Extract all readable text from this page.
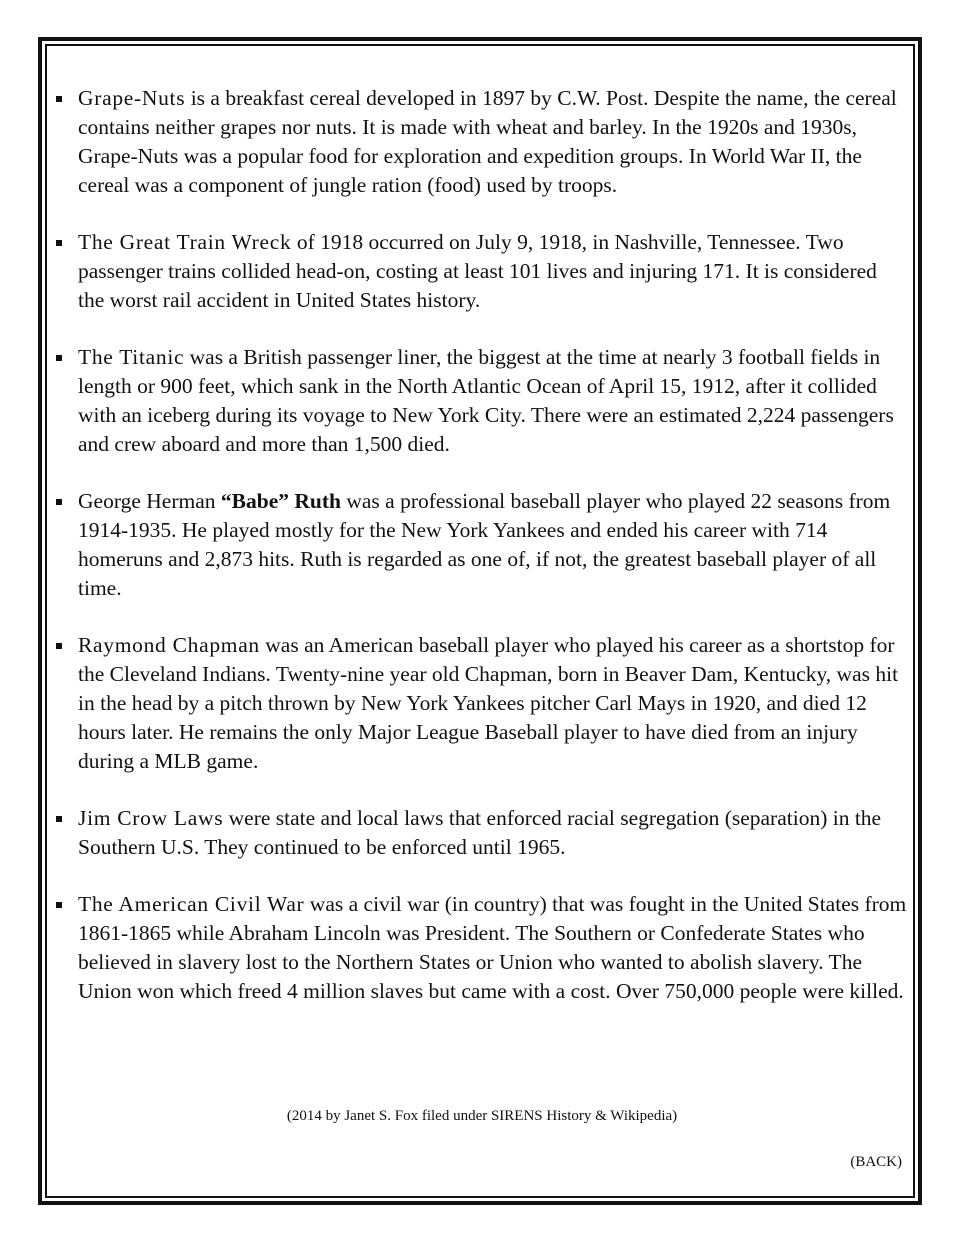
Grape-Nuts is a breakfast cereal developed in 1897 by C.W. Post. Despite the name, the cereal contains neither grapes nor nuts. It is made with wheat and barley. In the 1920s and 1930s, Grape-Nuts was a popular food for exploration and expedition groups. In World War II, the cereal was a component of jungle ration (food) used by troops.
The Great Train Wreck of 1918 occurred on July 9, 1918, in Nashville, Tennessee. Two passenger trains collided head-on, costing at least 101 lives and injuring 171. It is considered the worst rail accident in United States history.
The Titanic was a British passenger liner, the biggest at the time at nearly 3 football fields in length or 900 feet, which sank in the North Atlantic Ocean of April 15, 1912, after it collided with an iceberg during its voyage to New York City. There were an estimated 2,224 passengers and crew aboard and more than 1,500 died.
George Herman “Babe” Ruth was a professional baseball player who played 22 seasons from 1914-1935. He played mostly for the New York Yankees and ended his career with 714 homeruns and 2,873 hits. Ruth is regarded as one of, if not, the greatest baseball player of all time.
Raymond Chapman was an American baseball player who played his career as a shortstop for the Cleveland Indians. Twenty-nine year old Chapman, born in Beaver Dam, Kentucky, was hit in the head by a pitch thrown by New York Yankees pitcher Carl Mays in 1920, and died 12 hours later. He remains the only Major League Baseball player to have died from an injury during a MLB game.
Jim Crow Laws were state and local laws that enforced racial segregation (separation) in the Southern U.S. They continued to be enforced until 1965.
The American Civil War was a civil war (in country) that was fought in the United States from 1861-1865 while Abraham Lincoln was President. The Southern or Confederate States who believed in slavery lost to the Northern States or Union who wanted to abolish slavery. The Union won which freed 4 million slaves but came with a cost. Over 750,000 people were killed.
(2014 by Janet S. Fox filed under SIRENS History & Wikipedia)
(BACK)
